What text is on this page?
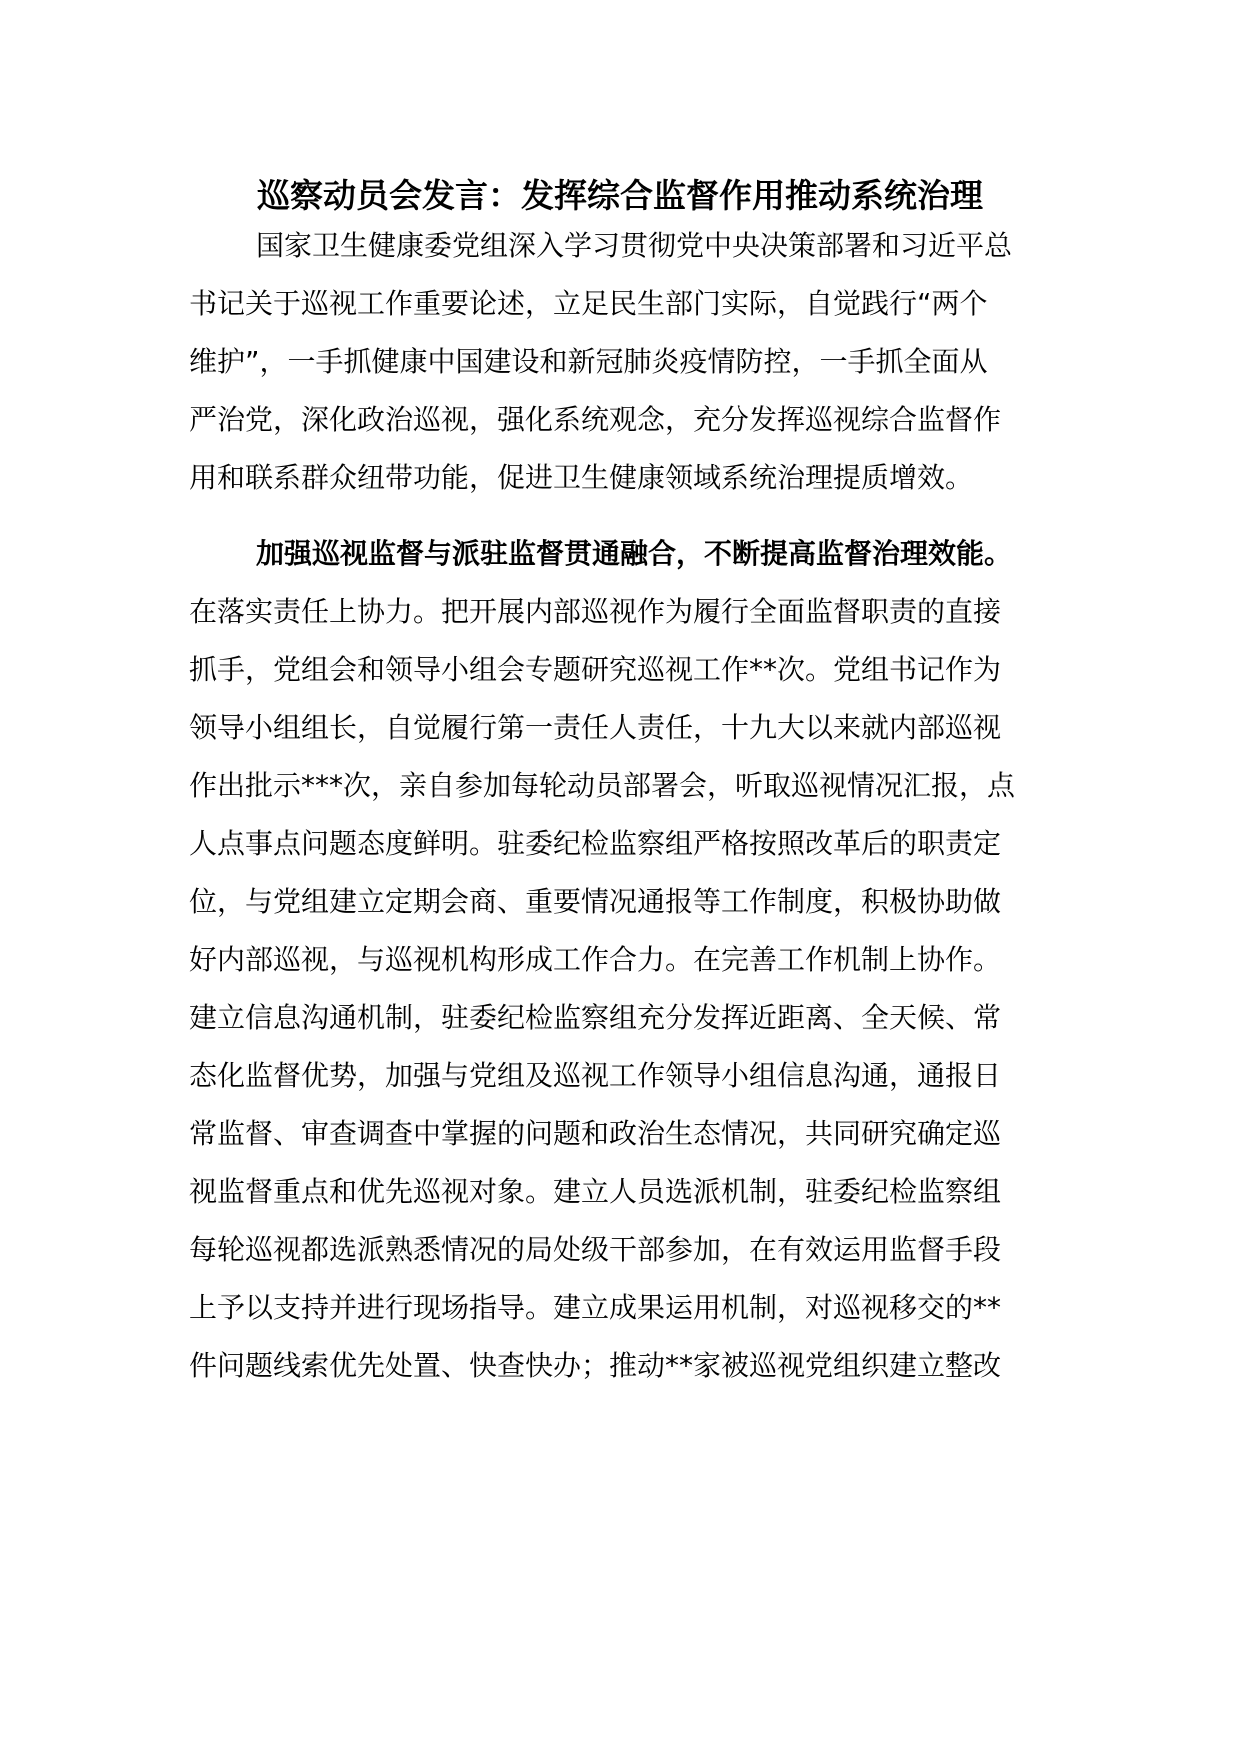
巡察动员会发言：发挥综合监督作用推动系统治理
国家卫生健康委党组深入学习贯彻党中央决策部署和习近平总
书记关于巡视工作重要论述，立足民生部门实际，自觉践行“两个
维护”，一手抓健康中国建设和新冠肺炎疫情防控，一手抓全面从
严治党，深化政治巡视，强化系统观念，充分发挥巡视综合监督作
用和联系群众纽带功能，促进卫生健康领域系统治理提质增效。
加强巡视监督与派驻监督贯通融合，不断提高监督治理效能。
在落实责任上协力。把开展内部巡视作为履行全面监督职责的直接
抓手，党组会和领导小组会专题研究巡视工作**次。党组书记作为
领导小组组长，自觉履行第一责任人责任，十九大以来就内部巡视
作出批示***次，亲自参加每轮动员部署会，听取巡视情况汇报，点
人点事点问题态度鲜明。驻委纪检监察组严格按照改革后的职责定
位，与党组建立定期会商、重要情况通报等工作制度，积极协助做
好内部巡视，与巡视机构形成工作合力。在完善工作机制上协作。
建立信息沟通机制，驻委纪检监察组充分发挥近距离、全天候、常
态化监督优势，加强与党组及巡视工作领导小组信息沟通，通报日
常监督、审查调查中掌握的问题和政治生态情况，共同研究确定巡
视监督重点和优先巡视对象。建立人员选派机制，驻委纪检监察组
每轮巡视都选派熟悉情况的局处级干部参加，在有效运用监督手段
上予以支持并进行现场指导。建立成果运用机制，对巡视移交的**
件问题线索优先处置、快查快办；推动**家被巡视党组织建立整改
